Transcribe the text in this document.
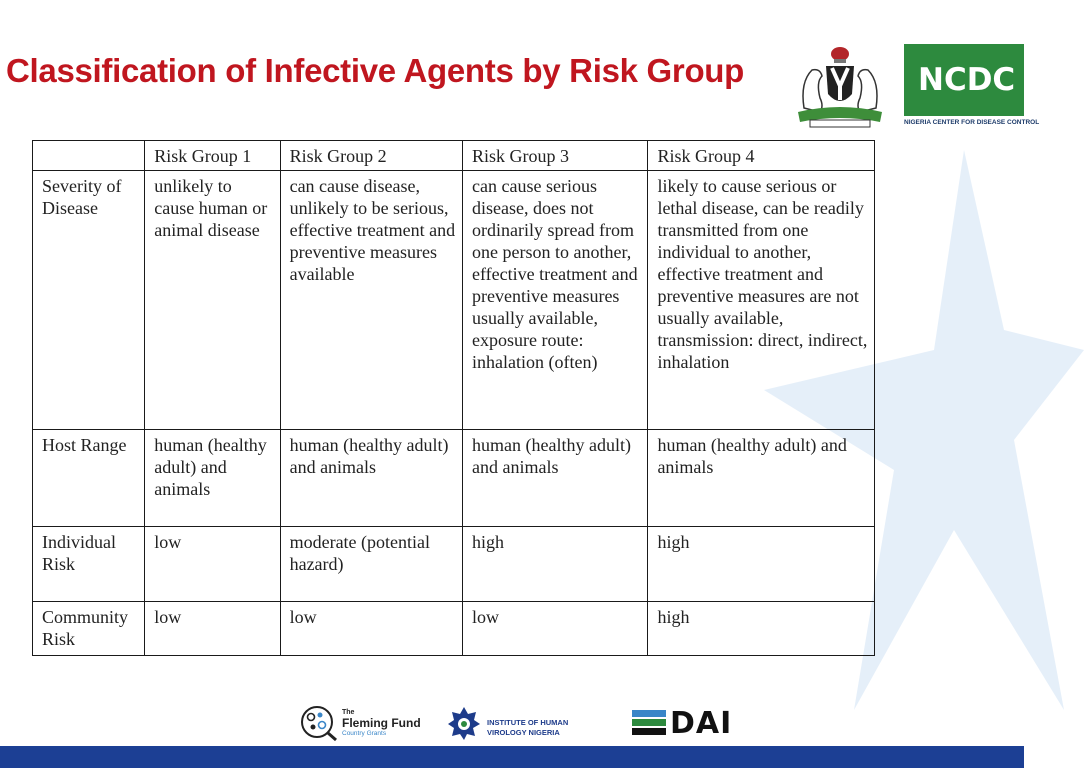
Classification of Infective Agents by Risk Group	NCDC
NIGERIA CENTER FOR DISEASE CONTROL
	Risk Group 1	Risk Group 2	Risk Group 3	Risk Group 4
Severity of Disease	unlikely to cause human or animal disease	can cause disease, unlikely to be serious, effective treatment and preventive measures available	can cause serious disease, does not ordinarily spread from one person to another, effective treatment and preventive measures usually available, exposure route: inhalation (often)	likely to cause serious or lethal disease, can be readily transmitted from one individual to another, effective treatment and preventive measures are not usually available, transmission: direct, indirect, inhalation
Host Range	human (healthy adult) and animals	human (healthy adult) and animals	human (healthy adult) and animals	human (healthy adult) and animals
Individual Risk	low	moderate (potential hazard)	high	high
Community Risk	low	low	low	high
The
Fleming Fund
Country Grants
INSTITUTE OF HUMAN
VIROLOGY NIGERIA	DAI
